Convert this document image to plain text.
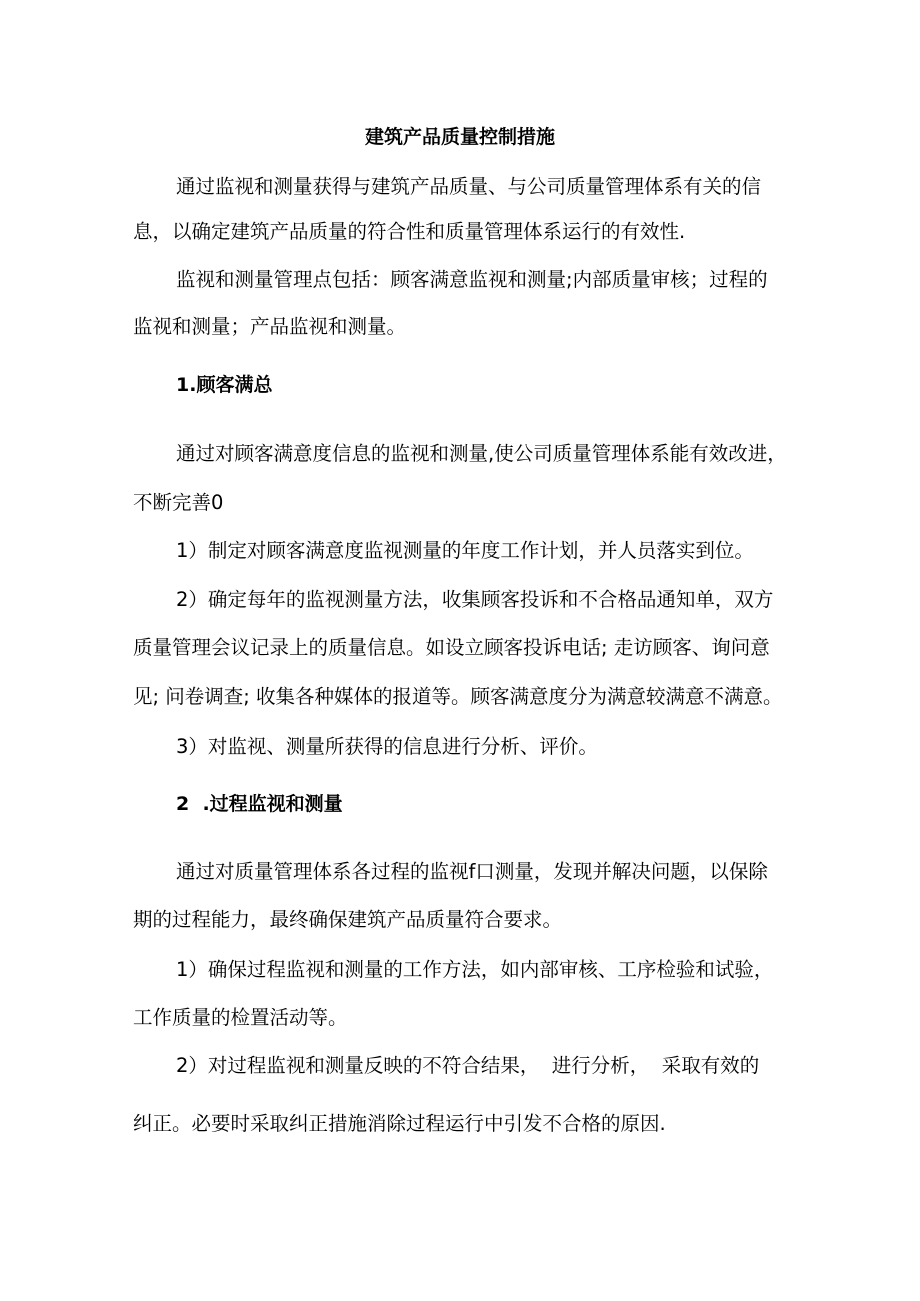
建筑产品质量控制措施
通过监视和测量获得与建筑产品质量、与公司质量管理体系有关的信
息，以确定建筑产品质量的符合性和质量管理体系运行的有效性.
监视和测量管理点包括：顾客满意监视和测量;内部质量审核；过程的
监视和测量；产品监视和测量。
1.顾客满总
通过对顾客满意度信息的监视和测量,使公司质量管理体系能有效改进，
不断完善0
1）制定对顾客满意度监视测量的年度工作计划，并人员落实到位。
2）确定每年的监视测量方法，收集顾客投诉和不合格品通知单，双方
质量管理会议记录上的质量信息。如设立顾客投诉电话; 走访顾客、询问意
见; 问卷调查; 收集各种媒体的报道等。顾客满意度分为满意较满意不满意。
3）对监视、测量所获得的信息进行分析、评价。
2  .过程监视和测量
通过对质量管理体系各过程的监视f口测量，发现并解决问题，以保除
期的过程能力，最终确保建筑产品质量符合要求。
1）确保过程监视和测量的工作方法，如内部审核、工序检验和试验，
工作质量的检置活动等。
2）对过程监视和测量反映的不符合结果，  进行分析，  采取有效的
纠正。必要时采取纠正措施消除过程运行中引发不合格的原因.
